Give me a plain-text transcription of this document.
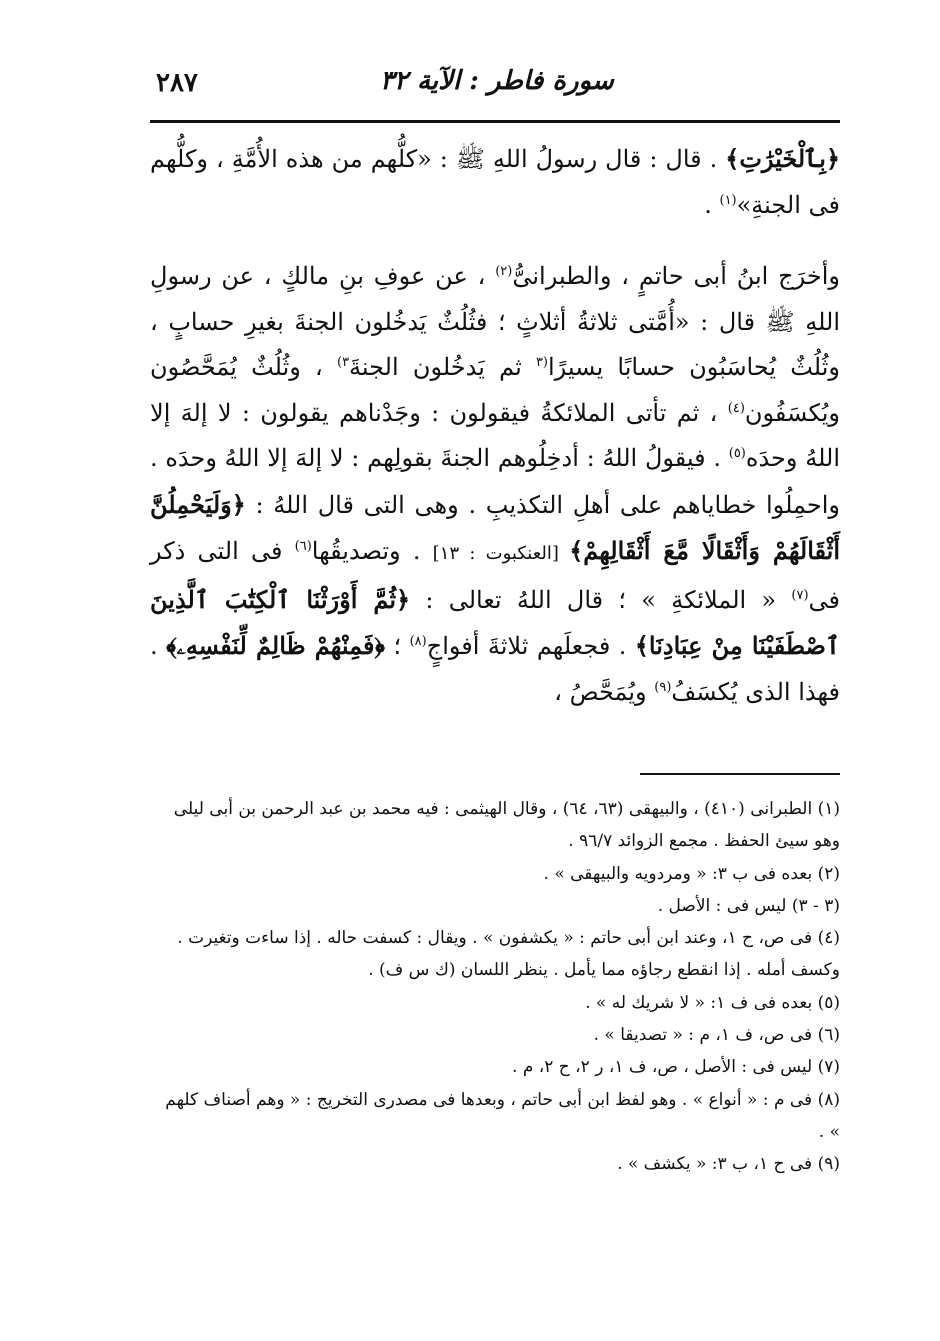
٢٨٧	سورة فاطر : الآية ٣٢

﴿بِٱلْخَيْرَٰتِ﴾ . قال : قال رسولُ اللهِ ﷺ : «كلُّهم من هذه الأُمَّةِ ، وكلُّهم فى الجنةِ»$^{(١)}$ .

وأخرَج ابنُ أبى حاتمٍ ، والطبرانىُّ$^{(٢)}$ ، عن عوفِ بنِ مالكٍ ، عن رسولِ اللهِ ﷺ قال : «أُمَّتى ثلاثةُ أثلاثٍ ؛ فثُلُثٌ يَدخُلون الجنةَ بغيرِ حسابٍ ، وثُلُثٌ يُحاسَبُون حسابًا يسيرًا$^{(٣}$ ثم يَدخُلون الجنةَ$^{٣)}$ ، وثُلُثٌ يُمَحَّصُون ويُكسَفُون$^{(٤)}$ ، ثم تأتى الملائكةُ فيقولون : وجَدْناهم يقولون : لا إلهَ إلا اللهُ وحدَه$^{(٥)}$ . فيقولُ اللهُ : أدخِلُوهم الجنةَ بقولِهم : لا إلهَ إلا اللهُ وحدَه . واحمِلُوا خطاياهم على أهلِ التكذيبِ . وهى التى قال اللهُ : ﴿وَلَيَحْمِلُنَّ أَثْقَالَهُمْ وَأَثْقَالًا مَّعَ أَثْقَالِهِمْ﴾ [العنكبوت : ١٣] . وتصديقُها$^{(٦)}$ فى التى ذكر فى$^{(٧)}$ « الملائكةِ » ؛ قال اللهُ تعالى : ﴿ثُمَّ أَوْرَثْنَا ٱلْكِتَٰبَ ٱلَّذِينَ ٱصْطَفَيْنَا مِنْ عِبَادِنَا﴾ . فجعلَهم ثلاثةَ أفواجٍ$^{(٨)}$ ؛ ﴿فَمِنْهُمْ ظَالِمٌ لِّنَفْسِهِۦ﴾ . فهذا الذى يُكسَفُ$^{(٩)}$ ويُمَحَّصُ ،

(١) الطبرانى (٤١٠) ، والبيهقى (٦٣، ٦٤) ، وقال الهيثمى : فيه محمد بن عبد الرحمن بن أبى ليلى وهو سيئ الحفظ . مجمع الزوائد ٩٦/٧ .
(٢) بعده فى ب ٣: « ومردويه والبيهقى » .
(٣ - ٣) ليس فى : الأصل .
(٤) فى ص، ح ١، وعند ابن أبى حاتم : « يكشفون » . ويقال : كسفت حاله . إذا ساءت وتغيرت . وكسف أمله . إذا انقطع رجاؤه مما يأمل . ينظر اللسان (ك س ف) .
(٥) بعده فى ف ١: « لا شريك له » .
(٦) فى ص، ف ١، م : « تصديقا » .
(٧) ليس فى : الأصل ، ص، ف ١، ر ٢، ح ٢، م .
(٨) فى م : « أنواع » . وهو لفظ ابن أبى حاتم ، وبعدها فى مصدرى التخريج : « وهم أصناف كلهم » .
(٩) فى ح ١، ب ٣: « يكشف » .
